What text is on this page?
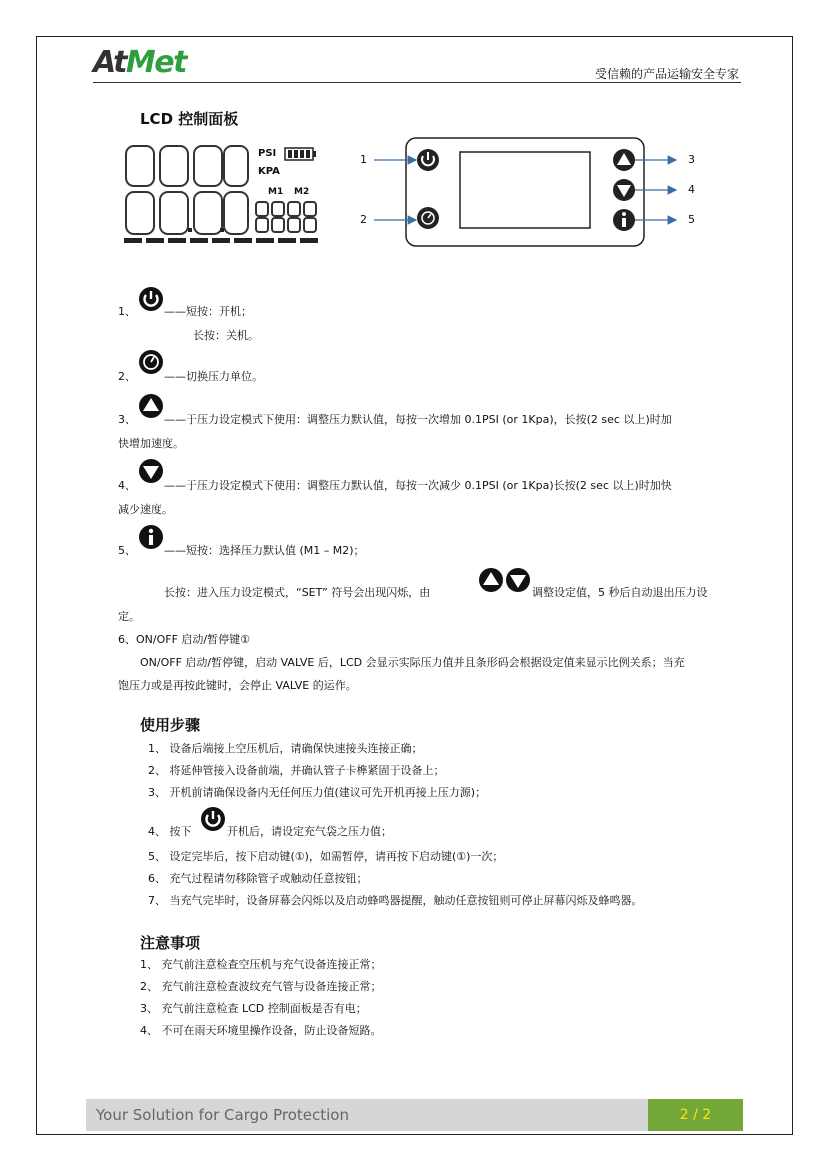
AtMet	受信赖的产品运输安全专家
LCD 控制面板
PSI
KPA
M1 M2
1
2
3
4
5
1、	——短按：开机；
长按：关机。
2、	——切换压力单位。
3、	——于压力设定模式下使用：调整压力默认值，每按一次增加 0.1PSI (or 1Kpa)，长按(2 sec 以上)时加
快增加速度。
4、	——于压力设定模式下使用：调整压力默认值，每按一次减少 0.1PSI (or 1Kpa)长按(2 sec 以上)时加快
减少速度。
5、	——短按：选择压力默认值 (M1 – M2)；
长按：进入压力设定模式，“SET” 符号会出现闪烁，由	调整设定值，5 秒后自动退出压力设
定。
6、ON/OFF 启动/暂停键①
ON/OFF 启动/暂停键，启动 VALVE 后，LCD 会显示实际压力值并且条形码会根据设定值来显示比例关系；当充
饱压力或是再按此键时，会停止 VALVE 的运作。
使用步骤
1、 设备后端接上空压机后，请确保快速接头连接正确；
2、 将延伸管接入设备前端，并确认管子卡榫紧固于设备上；
3、 开机前请确保设备内无任何压力值(建议可先开机再接上压力源)；
4、 按下	开机后，请设定充气袋之压力值；
5、 设定完毕后，按下启动键(①)，如需暂停，请再按下启动键(①)一次；
6、 充气过程请勿移除管子或触动任意按钮；
7、 当充气完毕时，设备屏幕会闪烁以及启动蜂鸣器提醒，触动任意按钮则可停止屏幕闪烁及蜂鸣器。
注意事项
1、 充气前注意检查空压机与充气设备连接正常；
2、 充气前注意检查波纹充气管与设备连接正常；
3、 充气前注意检查 LCD 控制面板是否有电；
4、 不可在雨天环境里操作设备，防止设备短路。
Your Solution for Cargo Protection	2 / 2
